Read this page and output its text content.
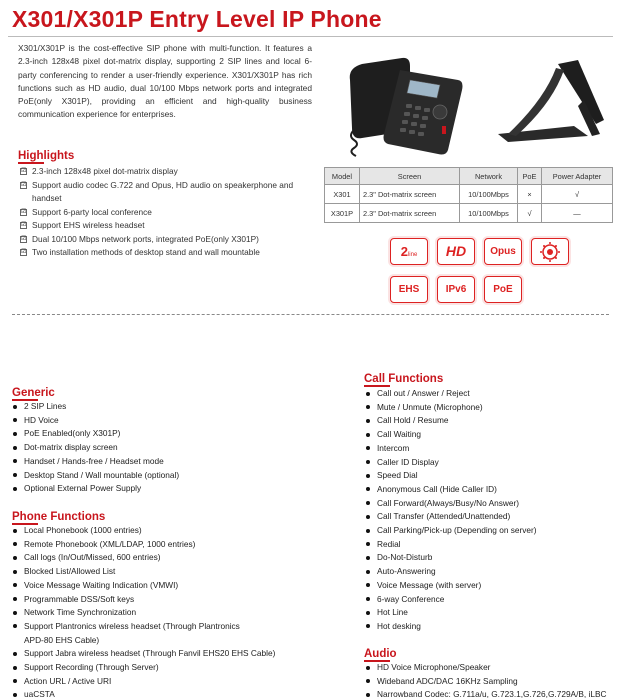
X301/X301P Entry Level IP Phone

X301/X301P is the cost-effective SIP phone with multi-function. It features a 2.3-inch 128x48 pixel dot-matrix display, supporting 2 SIP lines and local 6-party conferencing to render a user-friendly experience. X301/X301P has rich functions such as HD audio, dual 10/100 Mbps network ports and integrated PoE(only X301P), providing an efficient and high-quality business communication experience for enterprises.

Highlights
☑ 2.3-inch 128x48 pixel dot-matrix display
☑ Support audio codec G.722 and Opus, HD audio on speakerphone and handset
☑ Support 6-party local conference
☑ Support EHS wireless headset
☑ Dual 10/100 Mbps network ports, integrated PoE(only X301P)
☑ Two installation methods of desktop stand and wall mountable
Model	Screen	Network	PoE	Power Adapter
X301	2.3" Dot-matrix screen	10/100Mbps	×	√
X301P	2.3" Dot-matrix screen	10/100Mbps	√	—
2line	HD	Opus
EHS	IPv6	PoE
Generic
2 SIP Lines
HD Voice
PoE Enabled(only X301P)
Dot-matrix display screen
Handset / Hands-free / Headset mode
Desktop Stand / Wall mountable (optional)
Optional External Power Supply
Phone Functions
Local Phonebook (1000 entries)
Remote Phonebook (XML/LDAP, 1000 entries)
Call logs (In/Out/Missed, 600 entries)
Blocked List/Allowed List
Voice Message Waiting Indication (VMWI)
Programmable DSS/Soft keys
Network Time Synchronization
Support Plantronics wireless headset (Through Plantronics
APD-80 EHS Cable)
Support Jabra wireless headset (Through Fanvil EHS20 EHS Cable)
Support Recording (Through Server)
Action URL / Active URI
uaCSTA
Call Functions
Call out / Answer / Reject
Mute / Unmute (Microphone)
Call Hold / Resume
Call Waiting
Intercom
Caller ID Display
Speed Dial
Anonymous Call (Hide Caller ID)
Call Forward(Always/Busy/No Answer)
Call Transfer (Attended/Unattended)
Call Parking/Pick-up (Depending on server)
Redial
Do-Not-Disturb
Auto-Answering
Voice Message (with server)
6-way Conference
Hot Line
Hot desking
Audio
HD Voice Microphone/Speaker
Wideband ADC/DAC 16KHz Sampling
Narrowband Codec: G.711a/u, G.723.1,G.726,G.729A/B, iLBC
